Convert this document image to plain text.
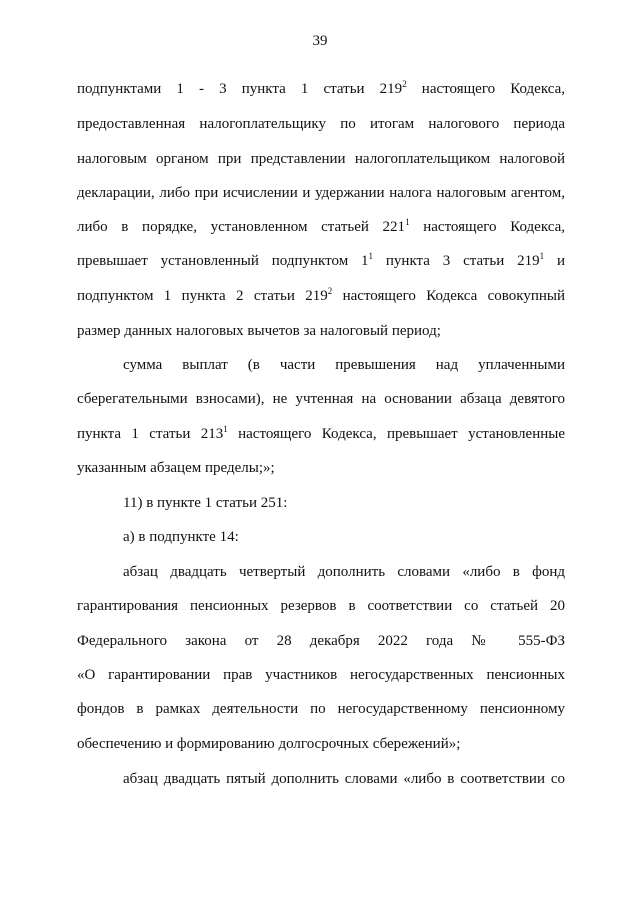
39
подпунктами 1 - 3 пункта 1 статьи $219^2$ настоящего Кодекса,
предоставленная налогоплательщику по итогам налогового периода
налоговым органом при представлении налогоплательщиком налоговой
декларации, либо при исчислении и удержании налога налоговым агентом,
либо в порядке, установленном статьей $221^1$ настоящего Кодекса,
превышает установленный подпунктом $1^1$ пункта 3 статьи $219^1$ и
подпунктом 1 пункта 2 статьи $219^2$ настоящего Кодекса совокупный
размер данных налоговых вычетов за налоговый период;
сумма выплат (в части превышения над уплаченными
сберегательными взносами), не учтенная на основании абзаца девятого
пункта 1 статьи $213^1$ настоящего Кодекса, превышает установленные
указанным абзацем пределы;»;
11) в пункте 1 статьи 251:
а) в подпункте 14:
абзац двадцать четвертый дополнить словами «либо в фонд
гарантирования пенсионных резервов в соответствии со статьей 20
Федерального закона от 28 декабря 2022 года № 555-ФЗ
«О гарантировании прав участников негосударственных пенсионных
фондов в рамках деятельности по негосударственному пенсионному
обеспечению и формированию долгосрочных сбережений»;
абзац двадцать пятый дополнить словами «либо в соответствии со
